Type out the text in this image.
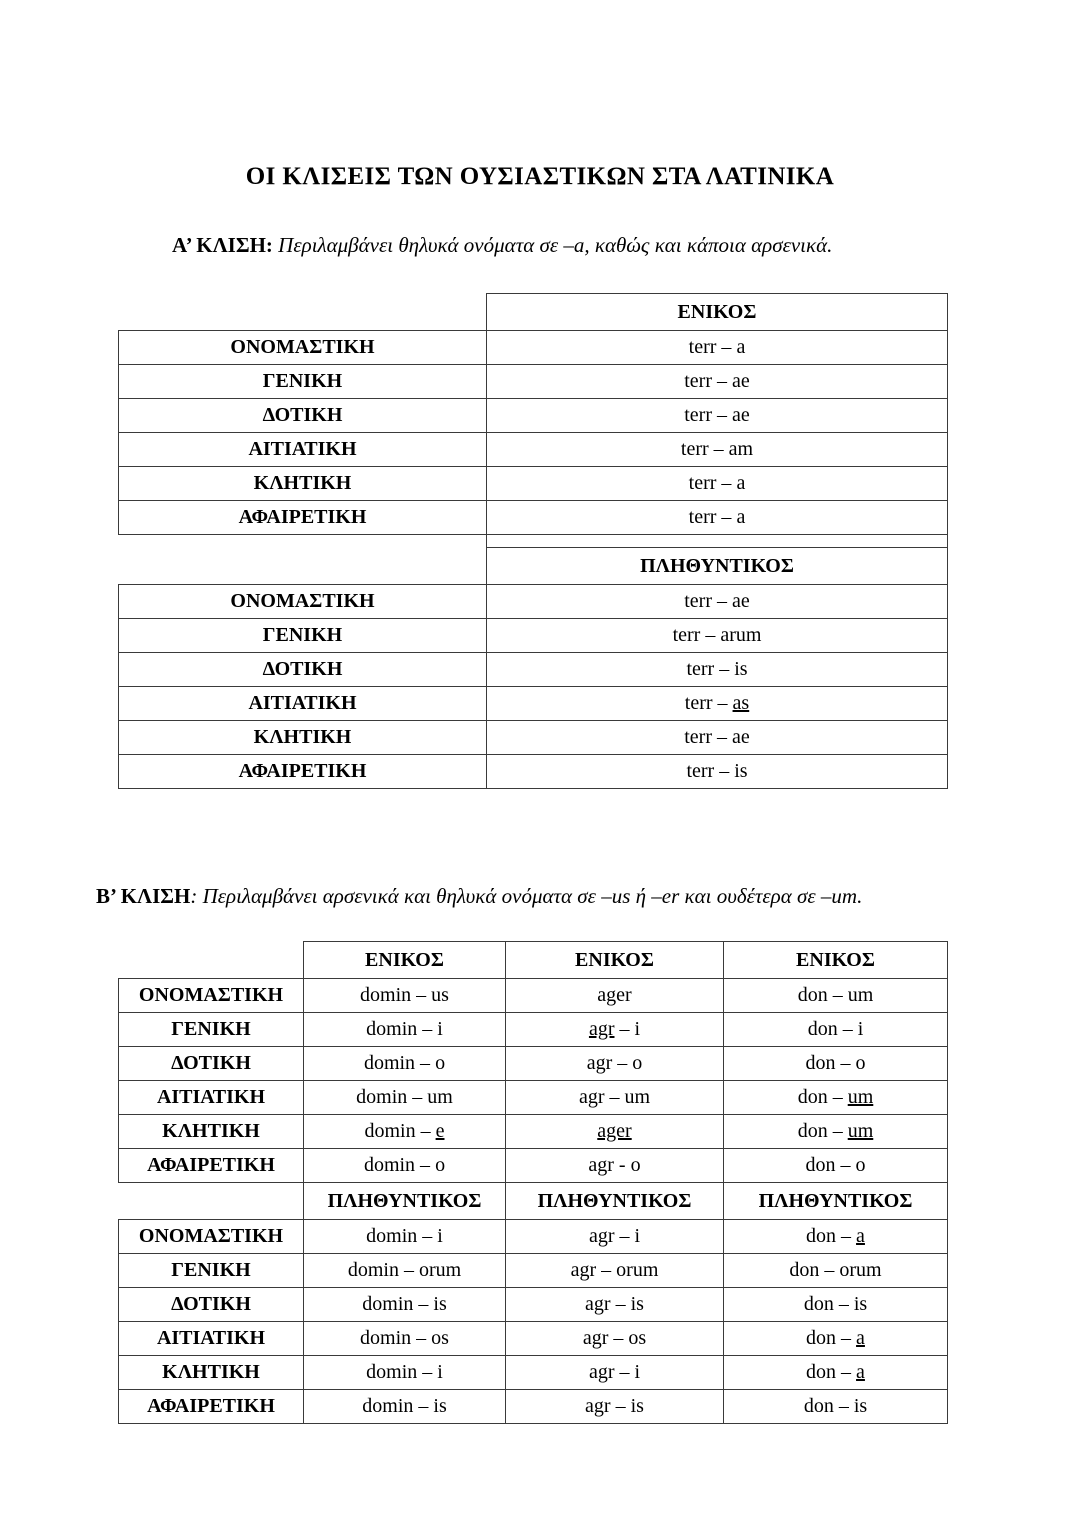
ΟΙ ΚΛΙΣΕΙΣ ΤΩΝ ΟΥΣΙΑΣΤΙΚΩΝ ΣΤΑ ΛΑΤΙΝΙΚΑ
Α’ ΚΛΙΣΗ: Περιλαμβάνει θηλυκά ονόματα σε –a, καθώς και κάποια αρσενικά.
	ΕΝΙΚΟΣ
ΟΝΟΜΑΣΤΙΚΗ	terr – a
ΓΕΝΙΚΗ	terr – ae
ΔΟΤΙΚΗ	terr – ae
ΑΙΤΙΑΤΙΚΗ	terr – am
ΚΛΗΤΙΚΗ	terr – a
ΑΦΑΙΡΕΤΙΚΗ	terr – a

	ΠΛΗΘΥΝΤΙΚΟΣ
ΟΝΟΜΑΣΤΙΚΗ	terr – ae
ΓΕΝΙΚΗ	terr – arum
ΔΟΤΙΚΗ	terr – is
ΑΙΤΙΑΤΙΚΗ	terr – as
ΚΛΗΤΙΚΗ	terr – ae
ΑΦΑΙΡΕΤΙΚΗ	terr – is
Β’ ΚΛΙΣΗ: Περιλαμβάνει αρσενικά και θηλυκά ονόματα σε –us ή –er και ουδέτερα σε –um.
	ΕΝΙΚΟΣ	ΕΝΙΚΟΣ	ΕΝΙΚΟΣ
ΟΝΟΜΑΣΤΙΚΗ	domin – us	ager	don – um
ΓΕΝΙΚΗ	domin – i	agr – i	don – i
ΔΟΤΙΚΗ	domin – o	agr – o	don – o
ΑΙΤΙΑΤΙΚΗ	domin – um	agr – um	don – um
ΚΛΗΤΙΚΗ	domin – e	ager	don – um
ΑΦΑΙΡΕΤΙΚΗ	domin – o	agr - o	don – o
	ΠΛΗΘΥΝΤΙΚΟΣ	ΠΛΗΘΥΝΤΙΚΟΣ	ΠΛΗΘΥΝΤΙΚΟΣ
ΟΝΟΜΑΣΤΙΚΗ	domin – i	agr – i	don – a
ΓΕΝΙΚΗ	domin – orum	agr – orum	don – orum
ΔΟΤΙΚΗ	domin – is	agr – is	don – is
ΑΙΤΙΑΤΙΚΗ	domin – os	agr – os	don – a
ΚΛΗΤΙΚΗ	domin – i	agr – i	don – a
ΑΦΑΙΡΕΤΙΚΗ	domin – is	agr – is	don – is
